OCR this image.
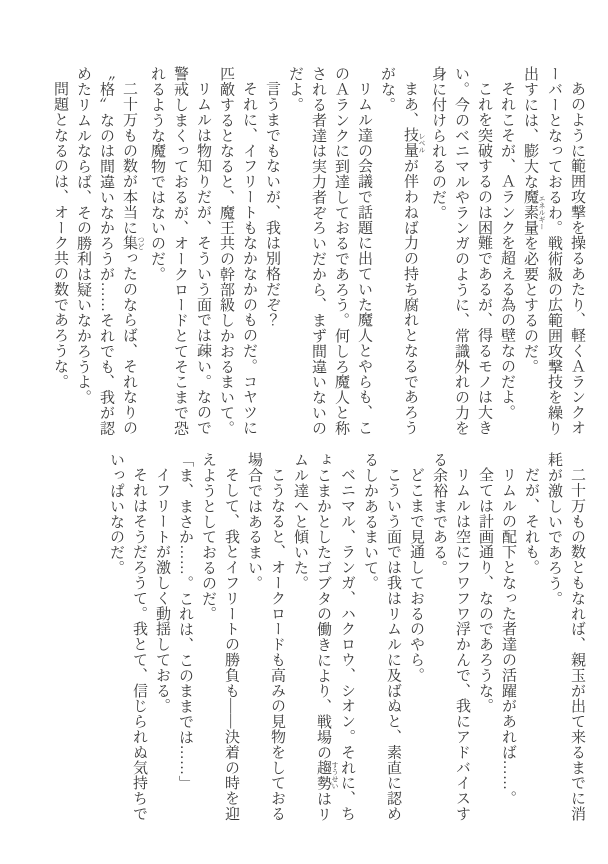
あのように範囲攻撃を操るあたり、軽くＡランクオーバーとなっておるわ。戦術級の広範囲攻撃技を繰り出すには、膨大な魔素量 エネルギーを必要とするのだ。

それこそが、Ａランクを超える為の壁なのだよ。

これを突破するのは困難であるが、得るモノは大きい。今のベニマルやランガのように、常識外れの力を身に付けられるのだ。

まあ、技量 レベルが伴わねば力の持ち腐れとなるであろうがな。

リムル達の会議で話題に出ていた魔人とやらも、このＡランクに到達しておるであろう。何しろ魔人と称される者達は実力者ぞろいだから、まず間違いないのだよ。

言うまでもないが、我は別格だぞ？

それに、イフリートもなかなかのものだ。コヤツに匹敵するとなると、魔王共の幹部級しかおるまいて。

リムルは物知りだが、そういう面では疎い。なので警戒しまくっておるが、オークロードとてそこまで恐れるような魔物ではないのだ。

二十万もの数が本当に集 つどったのならば、それなりの〝格〟なのは間違いなかろうが……それでも、我が認めたリムルならば、その勝利は疑いなかろうよ。

問題となるのは、オーク共の数であろうな。

二十万もの数ともなれば、親玉が出て来るまでに消耗が激しいであろう。

だが、それも。

リムルの配下となった者達の活躍があれば……。

全ては計画通り、なのであろうな。

リムルは空にフワフワ浮かんで、我にアドバイスする余裕まである。

どこまで見通しておるのやら。

こういう面では我はリムルに及ばぬと、素直に認めるしかあるまいて。

ベニマル、ランガ、ハクロウ、シオン。それに、ちょこまかとしたゴブタの働きにより、戦場の趨勢 すうせいはリムル達へと傾いた。

こうなると、オークロードも高みの見物をしておる場合ではあるまい。

そして、我とイフリートの勝負も――決着の時を迎えようとしておるのだ。

「ま、まさか……。これは、このままでは……」

イフリートが激しく動揺しておる。

それはそうだろうて。我とて、信じられぬ気持ちでいっぱいなのだ。
